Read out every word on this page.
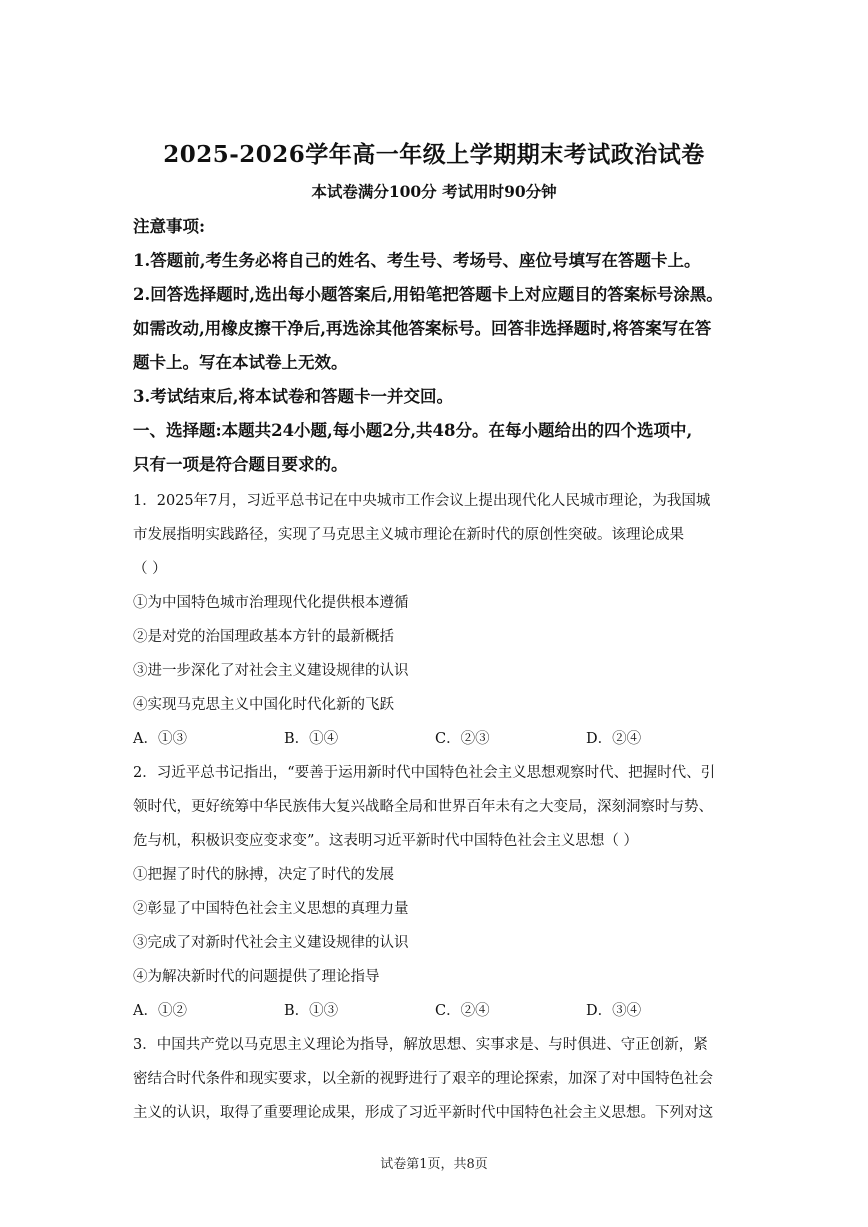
2025-2026学年高一年级上学期期末考试政治试卷
本试卷满分100分 考试用时90分钟
注意事项:
1.答题前,考生务必将自己的姓名、考生号、考场号、座位号填写在答题卡上。
2.回答选择题时,选出每小题答案后,用铅笔把答题卡上对应题目的答案标号涂黑。
如需改动,用橡皮擦干净后,再选涂其他答案标号。回答非选择题时,将答案写在答
题卡上。写在本试卷上无效。
3.考试结束后,将本试卷和答题卡一并交回。
一、选择题:本题共24小题,每小题2分,共48分。在每小题给出的四个选项中,
只有一项是符合题目要求的。
1．2025年7月，习近平总书记在中央城市工作会议上提出现代化人民城市理论，为我国城
市发展指明实践路径，实现了马克思主义城市理论在新时代的原创性突破。该理论成果
（ ）
①为中国特色城市治理现代化提供根本遵循
②是对党的治国理政基本方针的最新概括
③进一步深化了对社会主义建设规律的认识
④实现马克思主义中国化时代化新的飞跃
A．①③	B．①④	C．②③	D．②④
2．习近平总书记指出，“要善于运用新时代中国特色社会主义思想观察时代、把握时代、引
领时代，更好统筹中华民族伟大复兴战略全局和世界百年未有之大变局，深刻洞察时与势、
危与机，积极识变应变求变”。这表明习近平新时代中国特色社会主义思想（ ）
①把握了时代的脉搏，决定了时代的发展
②彰显了中国特色社会主义思想的真理力量
③完成了对新时代社会主义建设规律的认识
④为解决新时代的问题提供了理论指导
A．①②	B．①③	C．②④	D．③④
3．中国共产党以马克思主义理论为指导，解放思想、实事求是、与时俱进、守正创新，紧
密结合时代条件和现实要求，以全新的视野进行了艰辛的理论探索，加深了对中国特色社会
主义的认识，取得了重要理论成果，形成了习近平新时代中国特色社会主义思想。下列对这
试卷第1页，共8页
